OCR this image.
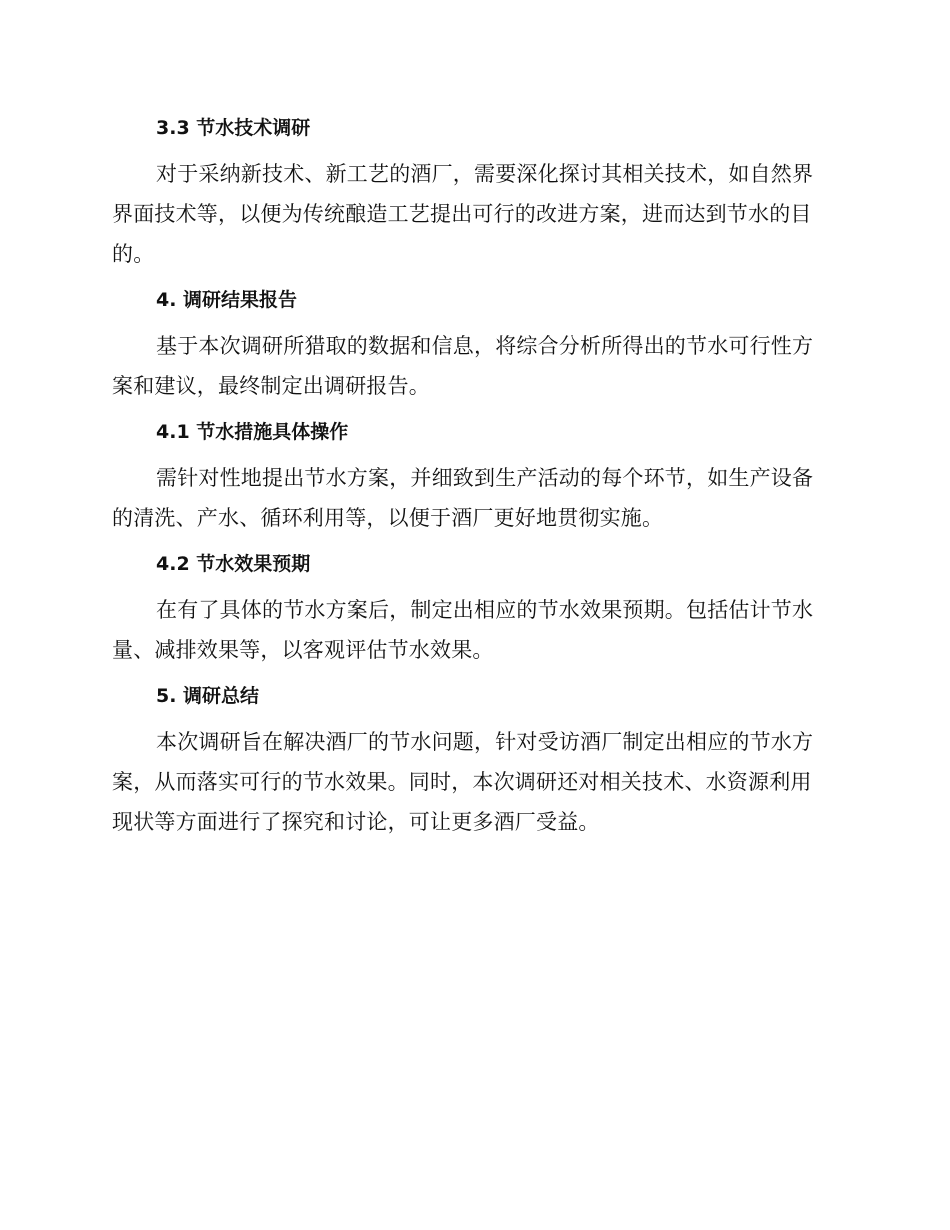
3.3 节水技术调研

对于采纳新技术、新工艺的酒厂，需要深化探讨其相关技术，如自然界界面技术等，以便为传统酿造工艺提出可行的改进方案，进而达到节水的目的。

4. 调研结果报告

基于本次调研所猎取的数据和信息，将综合分析所得出的节水可行性方案和建议，最终制定出调研报告。

4.1 节水措施具体操作

需针对性地提出节水方案，并细致到生产活动的每个环节，如生产设备的清洗、产水、循环利用等，以便于酒厂更好地贯彻实施。

4.2 节水效果预期

在有了具体的节水方案后，制定出相应的节水效果预期。包括估计节水量、减排效果等，以客观评估节水效果。

5. 调研总结

本次调研旨在解决酒厂的节水问题，针对受访酒厂制定出相应的节水方案，从而落实可行的节水效果。同时，本次调研还对相关技术、水资源利用现状等方面进行了探究和讨论，可让更多酒厂受益。
